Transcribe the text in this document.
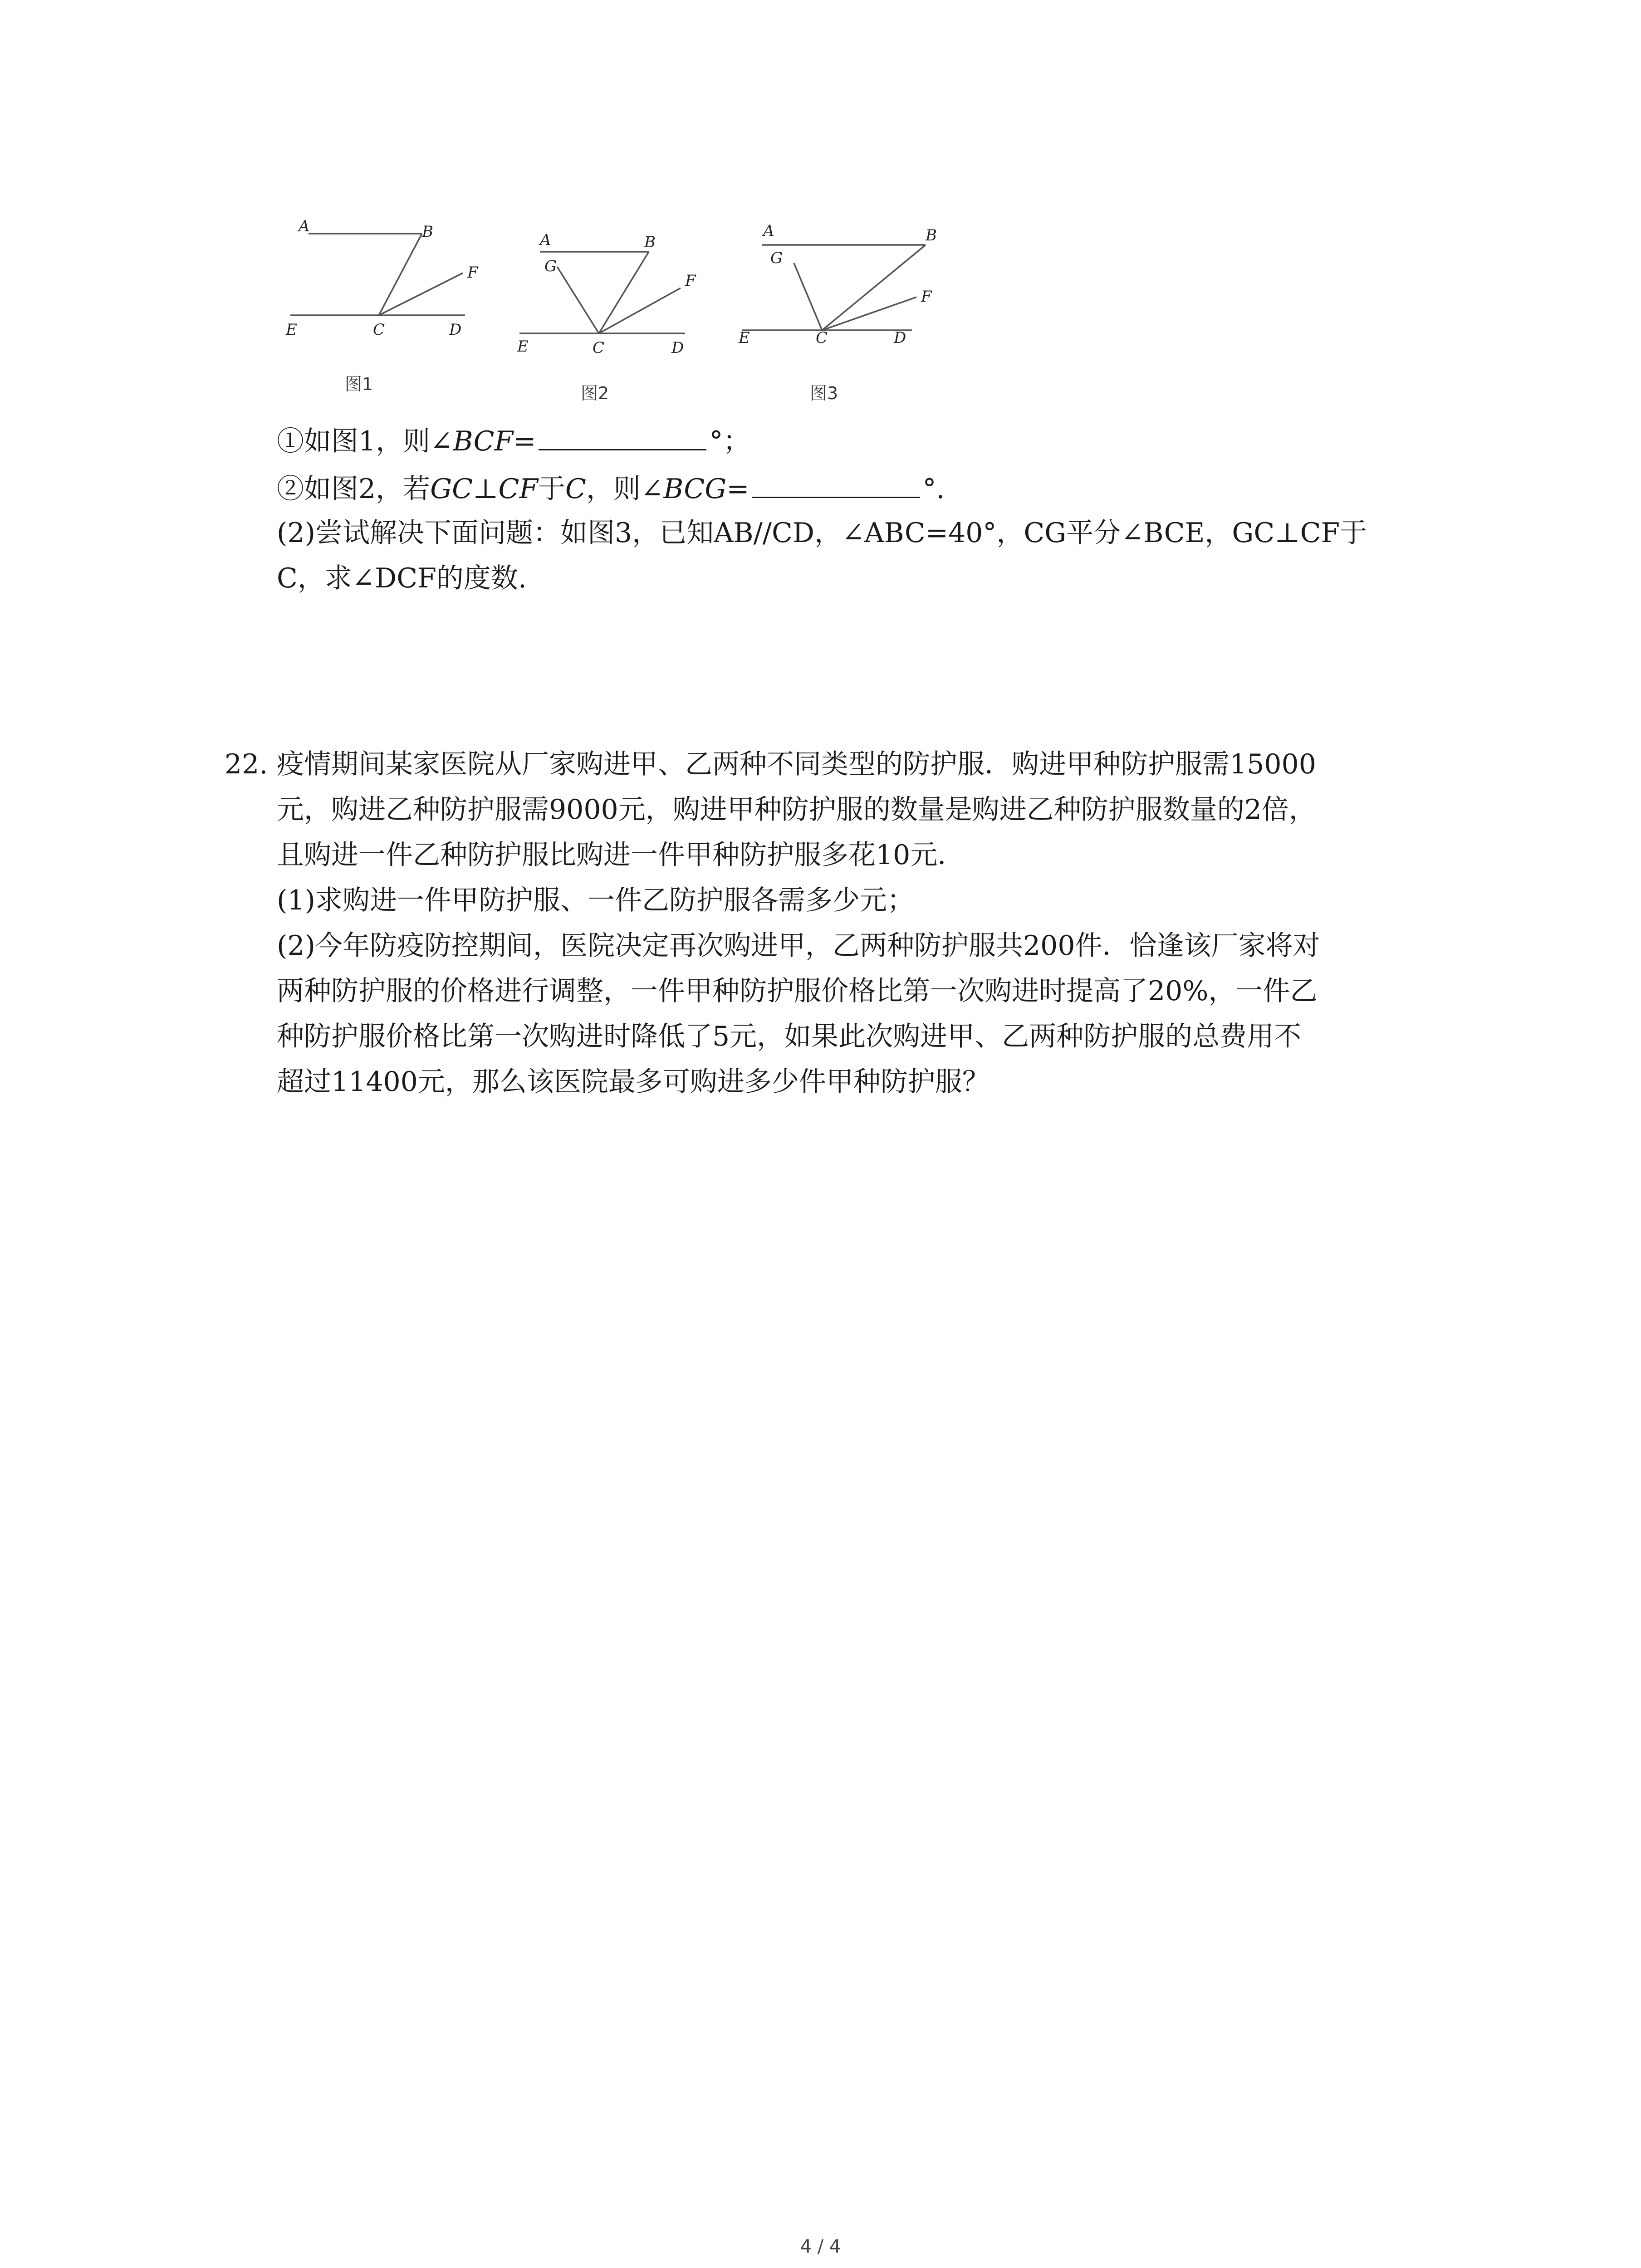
A	B
F
E	C	D
图1
A	B
G
F
E	C	D
图2
A	B
G
F
E	C	D
图3
①如图1，则∠BCF=	°；
②如图2，若GC⊥CF于C，则∠BCG=	°.
(2)尝试解决下面问题：如图3，已知AB//CD，∠ABC=40°，CG平分∠BCE，GC⊥CF于
C，求∠DCF的度数.
22. 疫情期间某家医院从厂家购进甲、乙两种不同类型的防护服．购进甲种防护服需15000
元，购进乙种防护服需9000元，购进甲种防护服的数量是购进乙种防护服数量的2倍，
且购进一件乙种防护服比购进一件甲种防护服多花10元．
(1)求购进一件甲防护服、一件乙防护服各需多少元；
(2)今年防疫防控期间，医院决定再次购进甲，乙两种防护服共200件．恰逢该厂家将对
两种防护服的价格进行调整，一件甲种防护服价格比第一次购进时提高了20%，一件乙
种防护服价格比第一次购进时降低了5元，如果此次购进甲、乙两种防护服的总费用不
超过11400元，那么该医院最多可购进多少件甲种防护服？
4 / 4
